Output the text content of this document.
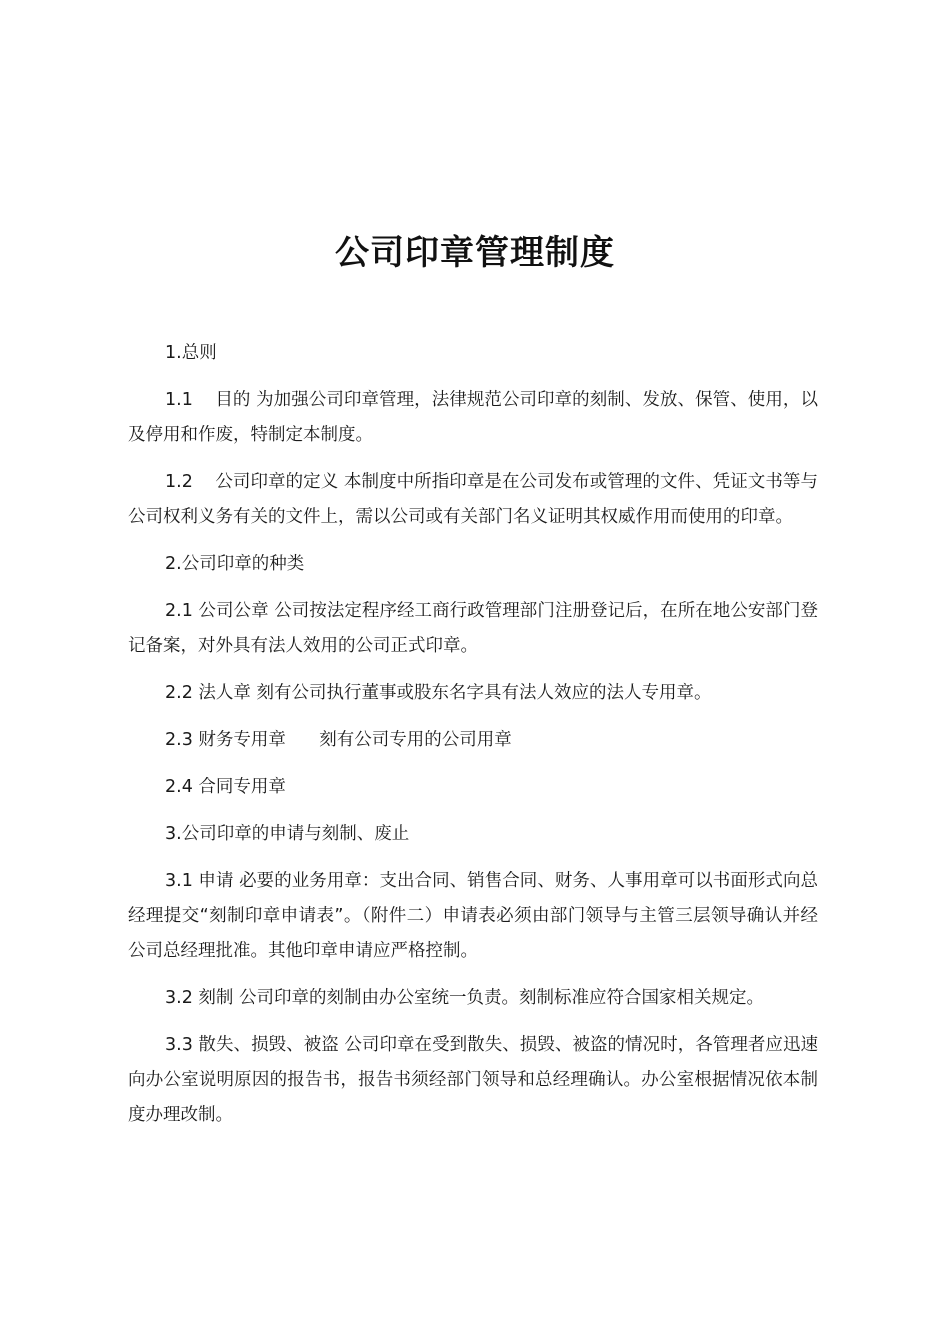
公司印章管理制度

1.总则

1.1    目的 为加强公司印章管理，法律规范公司印章的刻制、发放、保管、使用，以及停用和作废，特制定本制度。

1.2    公司印章的定义 本制度中所指印章是在公司发布或管理的文件、凭证文书等与公司权利义务有关的文件上，需以公司或有关部门名义证明其权威作用而使用的印章。

2.公司印章的种类

2.1 公司公章 公司按法定程序经工商行政管理部门注册登记后，在所在地公安部门登记备案，对外具有法人效用的公司正式印章。

2.2 法人章 刻有公司执行董事或股东名字具有法人效应的法人专用章。

2.3 财务专用章      刻有公司专用的公司用章

2.4 合同专用章

3.公司印章的申请与刻制、废止

3.1 申请 必要的业务用章：支出合同、销售合同、财务、人事用章可以书面形式向总经理提交“刻制印章申请表”。（附件二）申请表必须由部门领导与主管三层领导确认并经公司总经理批准。其他印章申请应严格控制。

3.2 刻制 公司印章的刻制由办公室统一负责。刻制标准应符合国家相关规定。

3.3 散失、损毁、被盗 公司印章在受到散失、损毁、被盗的情况时，各管理者应迅速向办公室说明原因的报告书，报告书须经部门领导和总经理确认。办公室根据情况依本制度办理改制。
